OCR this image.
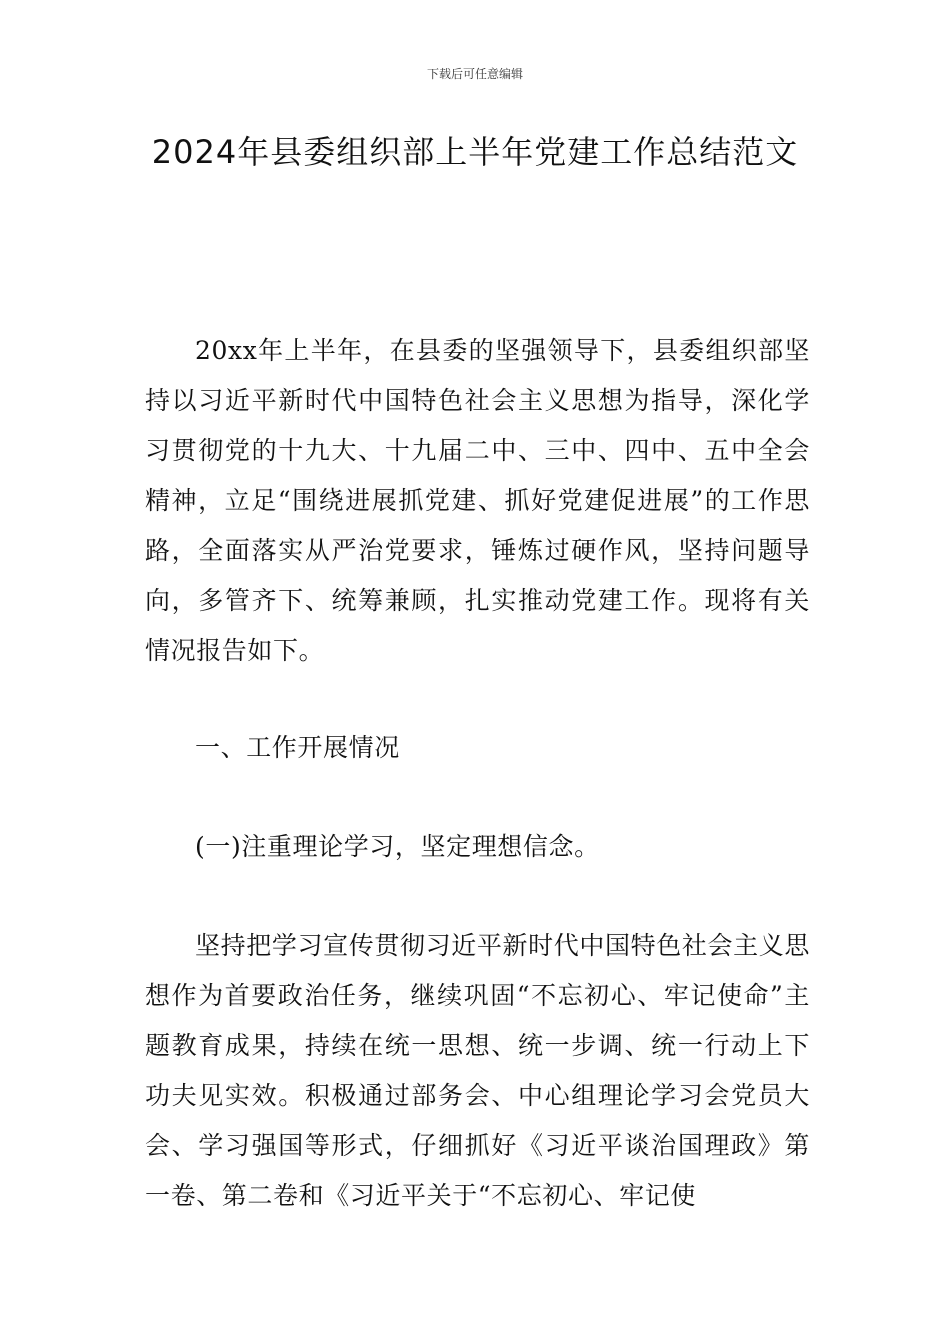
下载后可任意编辑
2024年县委组织部上半年党建工作总结范文

20xx年上半年，在县委的坚强领导下，县委组织部坚持以习近平新时代中国特色社会主义思想为指导，深化学习贯彻党的十九大、十九届二中、三中、四中、五中全会精神，立足“围绕进展抓党建、抓好党建促进展”的工作思路，全面落实从严治党要求，锤炼过硬作风，坚持问题导向，多管齐下、统筹兼顾，扎实推动党建工作。现将有关情况报告如下。

一、工作开展情况

(一)注重理论学习，坚定理想信念。

坚持把学习宣传贯彻习近平新时代中国特色社会主义思想作为首要政治任务，继续巩固“不忘初心、牢记使命”主题教育成果，持续在统一思想、统一步调、统一行动上下功夫见实效。积极通过部务会、中心组理论学习会党员大会、学习强国等形式，仔细抓好《习近平谈治国理政》第一卷、第二卷和《习近平关于“不忘初心、牢记使
